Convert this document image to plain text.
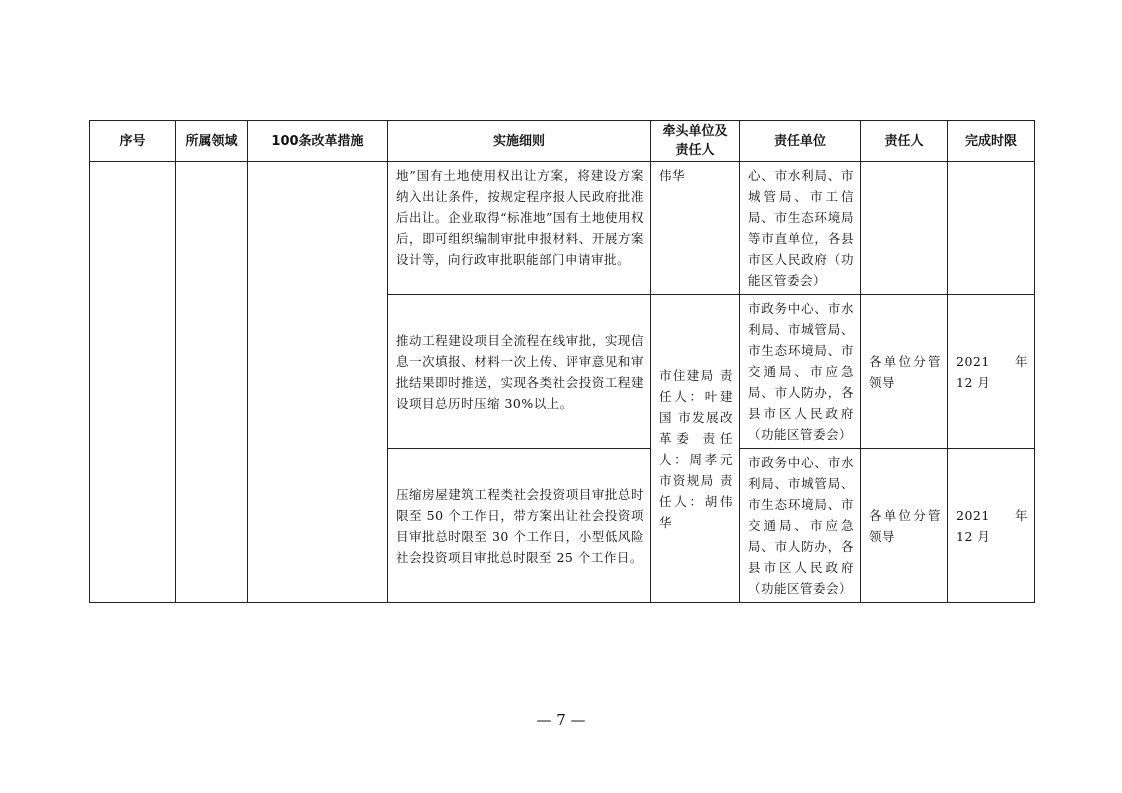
序号	所属领域	100条改革措施	实施细则	牵头单位及责任人	责任单位	责任人	完成时限

			地”国有土地使用权出让方案，将建设方案纳入出让条件，按规定程序报人民政府批准后出让。企业取得“标准地”国有土地使用权后，即可组织编制审批申报材料、开展方案设计等，向行政审批职能部门申请审批。	伟华	心、市水利局、市城管局、市工信局、市生态环境局等市直单位，各县市区人民政府（功能区管委会）		

			推动工程建设项目全流程在线审批，实现信息一次填报、材料一次上传、评审意见和审批结果即时推送，实现各类社会投资工程建设项目总历时压缩 30%以上。	市住建局 责任人：叶建国 市发展改革委 责任人：周孝元 市资规局 责任人：胡伟华	市政务中心、市水利局、市城管局、市生态环境局、市交通局、市应急局、市人防办，各县市区人民政府（功能区管委会）	各单位分管领导	2021 年 12 月

			压缩房屋建筑工程类社会投资项目审批总时限至 50 个工作日，带方案出让社会投资项目审批总时限至 30 个工作日，小型低风险社会投资项目审批总时限至 25 个工作日。		市政务中心、市水利局、市城管局、市生态环境局、市交通局、市应急局、市人防办，各县市区人民政府（功能区管委会）	各单位分管领导	2021 年 12 月
— 7 —
